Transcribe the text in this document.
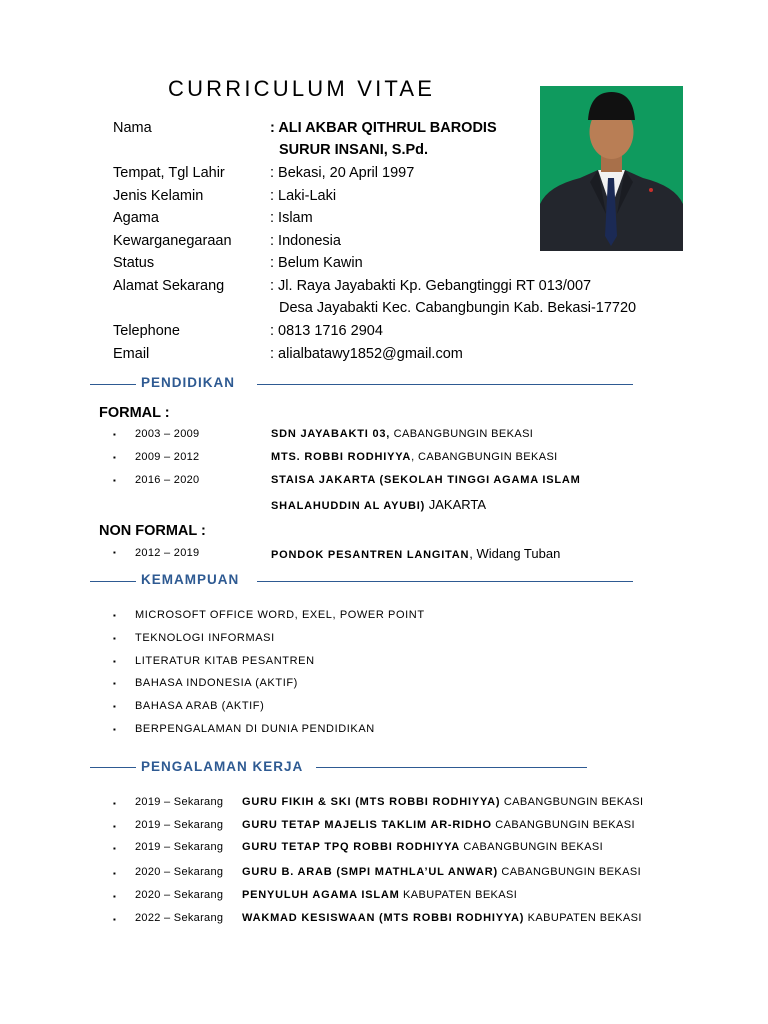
CURRICULUM VITAE
Nama	: ALI AKBAR QITHRUL BARODIS
SURUR INSANI, S.Pd.
Tempat, Tgl Lahir	: Bekasi, 20 April 1997
Jenis Kelamin	: Laki-Laki
Agama	: Islam
Kewarganegaraan	: Indonesia
Status	: Belum Kawin
Alamat Sekarang	: Jl. Raya Jayabakti Kp. Gebangtinggi RT 013/007
Desa Jayabakti Kec. Cabangbungin Kab. Bekasi-17720
Telephone	: 0813 1716 2904
Email	: alialbatawy1852@gmail.com
PENDIDIKAN
FORMAL :
▪ 2003 – 2009	SDN JAYABAKTI 03, CABANGBUNGIN BEKASI
▪ 2009 – 2012	MTS. ROBBI RODHIYYA, CABANGBUNGIN BEKASI
▪ 2016 – 2020	STAISA JAKARTA (SEKOLAH TINGGI AGAMA ISLAM
SHALAHUDDIN AL AYUBI) JAKARTA
NON FORMAL :
▪ 2012 – 2019	PONDOK PESANTREN LANGITAN, Widang Tuban
KEMAMPUAN
▪ MICROSOFT OFFICE WORD, EXEL, POWER POINT
▪ TEKNOLOGI INFORMASI
▪ LITERATUR KITAB PESANTREN
▪ BAHASA INDONESIA (AKTIF)
▪ BAHASA ARAB (AKTIF)
▪ BERPENGALAMAN DI DUNIA PENDIDIKAN
PENGALAMAN KERJA
▪ 2019 – Sekarang GURU FIKIH & SKI (MTS ROBBI RODHIYYA) CABANGBUNGIN BEKASI
▪ 2019 – Sekarang GURU TETAP MAJELIS TAKLIM AR-RIDHO CABANGBUNGIN BEKASI
▪ 2019 – Sekarang GURU TETAP TPQ ROBBI RODHIYYA CABANGBUNGIN BEKASI
▪ 2020 – Sekarang GURU B. ARAB (SMPI MATHLA’UL ANWAR) CABANGBUNGIN BEKASI
▪ 2020 – Sekarang PENYULUH AGAMA ISLAM KABUPATEN BEKASI
▪ 2022 – Sekarang WAKMAD KESISWAAN (MTS ROBBI RODHIYYA) KABUPATEN BEKASI
